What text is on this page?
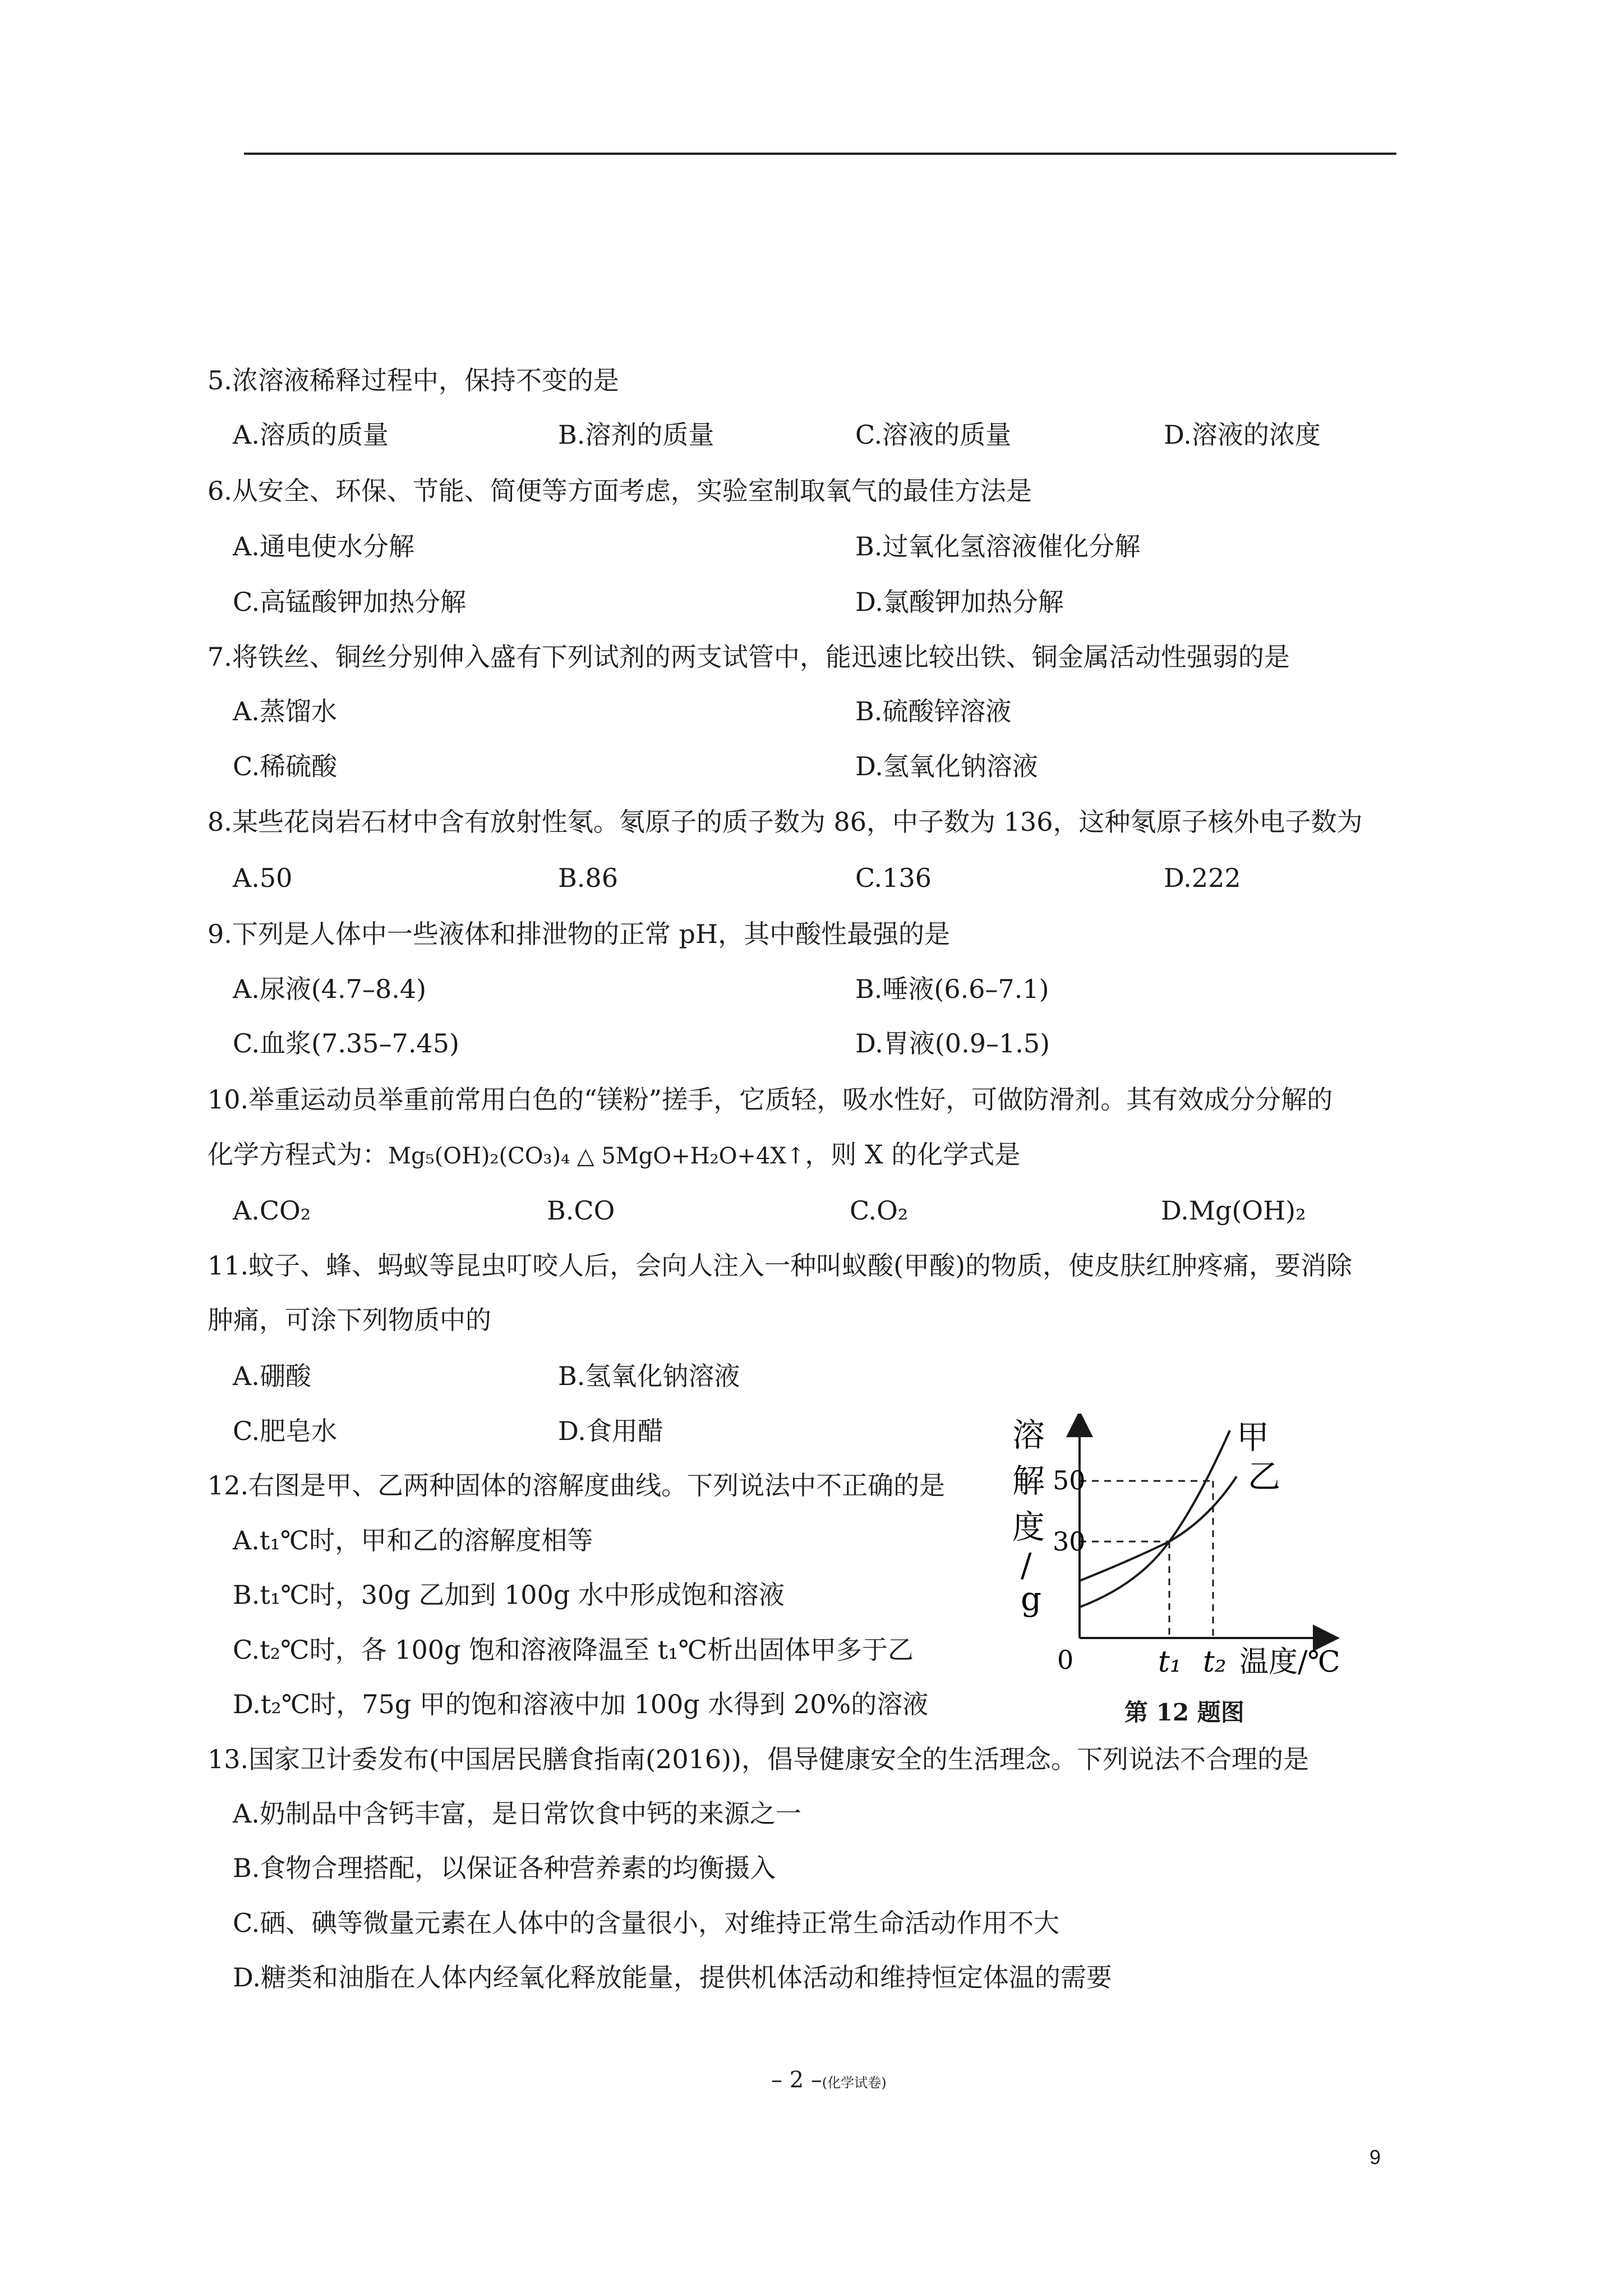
5.浓溶液稀释过程中，保持不变的是
A.溶质的质量	B.溶剂的质量	C.溶液的质量	D.溶液的浓度
6.从安全、环保、节能、简便等方面考虑，实验室制取氧气的最佳方法是
A.通电使水分解	B.过氧化氢溶液催化分解
C.高锰酸钾加热分解	D.氯酸钾加热分解
7.将铁丝、铜丝分别伸入盛有下列试剂的两支试管中，能迅速比较出铁、铜金属活动性强弱的是
A.蒸馏水	B.硫酸锌溶液
C.稀硫酸	D.氢氧化钠溶液
8.某些花岗岩石材中含有放射性氡。氡原子的质子数为 86，中子数为 136，这种氡原子核外电子数为
A.50	B.86	C.136	D.222
9.下列是人体中一些液体和排泄物的正常 pH，其中酸性最强的是
A.尿液(4.7–8.4)	B.唾液(6.6–7.1)
C.血浆(7.35–7.45)	D.胃液(0.9–1.5)
10.举重运动员举重前常用白色的“镁粉”搓手，它质轻，吸水性好，可做防滑剂。其有效成分分解的
化学方程式为：Mg₅(OH)₂(CO₃)₄ △ 5MgO+H₂O+4X↑，则 X 的化学式是
A.CO₂	B.CO	C.O₂	D.Mg(OH)₂
11.蚊子、蜂、蚂蚁等昆虫叮咬人后，会向人注入一种叫蚁酸(甲酸)的物质，使皮肤红肿疼痛，要消除
肿痛，可涂下列物质中的
A.硼酸	B.氢氧化钠溶液
C.肥皂水	D.食用醋
12.右图是甲、乙两种固体的溶解度曲线。下列说法中不正确的是
A.t₁℃时，甲和乙的溶解度相等
B.t₁℃时，30g 乙加到 100g 水中形成饱和溶液
C.t₂℃时，各 100g 饱和溶液降温至 t₁℃析出固体甲多于乙
D.t₂℃时，75g 甲的饱和溶液中加 100g 水得到 20%的溶液
溶
解
度
/
g
50
30
0	t₁ t₂ 温度/℃
甲
乙
第 12 题图
13.国家卫计委发布(中国居民膳食指南(2016))，倡导健康安全的生活理念。下列说法不合理的是
A.奶制品中含钙丰富，是日常饮食中钙的来源之一
B.食物合理搭配，以保证各种营养素的均衡摄入
C.硒、碘等微量元素在人体中的含量很小，对维持正常生命活动作用不大
D.糖类和油脂在人体内经氧化释放能量，提供机体活动和维持恒定体温的需要
– 2 –(化学试卷)
9
